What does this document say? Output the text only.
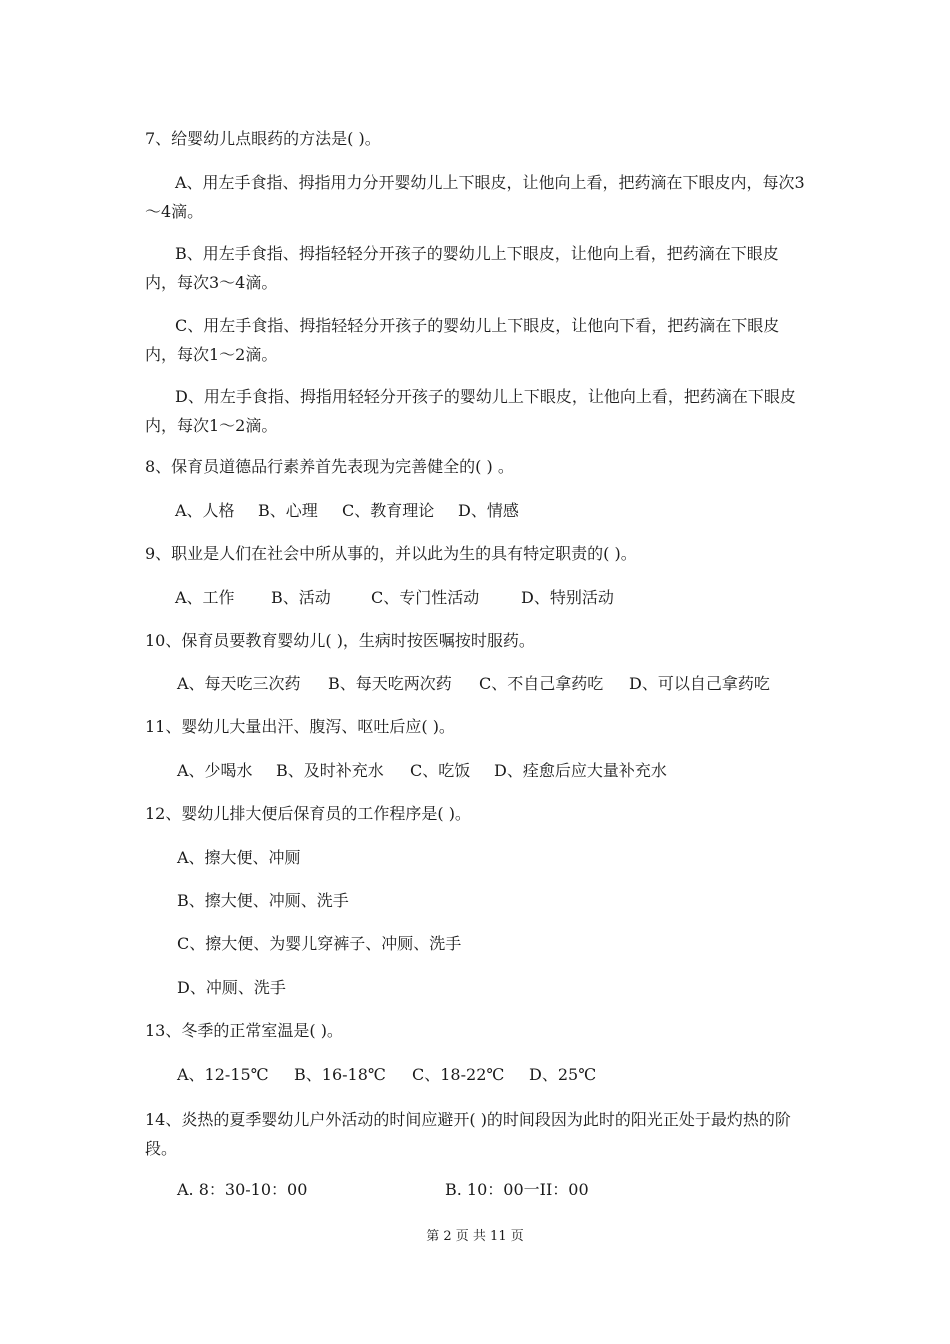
7、给婴幼儿点眼药的方法是( )。
A、用左手食指、拇指用力分开婴幼儿上下眼皮，让他向上看，把药滴在下眼皮内，每次3～4滴。
B、用左手食指、拇指轻轻分开孩子的婴幼儿上下眼皮，让他向上看，把药滴在下眼皮内，每次3～4滴。
C、用左手食指、拇指轻轻分开孩子的婴幼儿上下眼皮，让他向下看，把药滴在下眼皮内，每次1～2滴。
D、用左手食指、拇指用轻轻分开孩子的婴幼儿上下眼皮，让他向上看，把药滴在下眼皮内，每次1～2滴。
8、保育员道德品行素养首先表现为完善健全的( ) 。
A、人格 B、心理 C、教育理论 D、情感
9、职业是人们在社会中所从事的，并以此为生的具有特定职责的( )。
A、工作 B、活动	C、专门性活动	D、特别活动
10、保育员要教育婴幼儿( )，生病时按医嘱按时服药。
A、每天吃三次药 B、每天吃两次药 C、不自己拿药吃 D、可以自己拿药吃
11、婴幼儿大量出汗、腹泻、呕吐后应( )。
A、少喝水 B、及时补充水 C、吃饭 D、痊愈后应大量补充水
12、婴幼儿排大便后保育员的工作程序是( )。
A、擦大便、冲厕
B、擦大便、冲厕、洗手
C、擦大便、为婴儿穿裤子、冲厕、洗手
D、冲厕、洗手
13、冬季的正常室温是( )。
A、12-15℃ B、16-18℃ C、18-22℃ D、25℃
14、炎热的夏季婴幼儿户外活动的时间应避开( )的时间段因为此时的阳光正处于最灼热的阶段。
A. 8：30-10：00	B. 10：00一II：00
第 2 页 共 11 页
